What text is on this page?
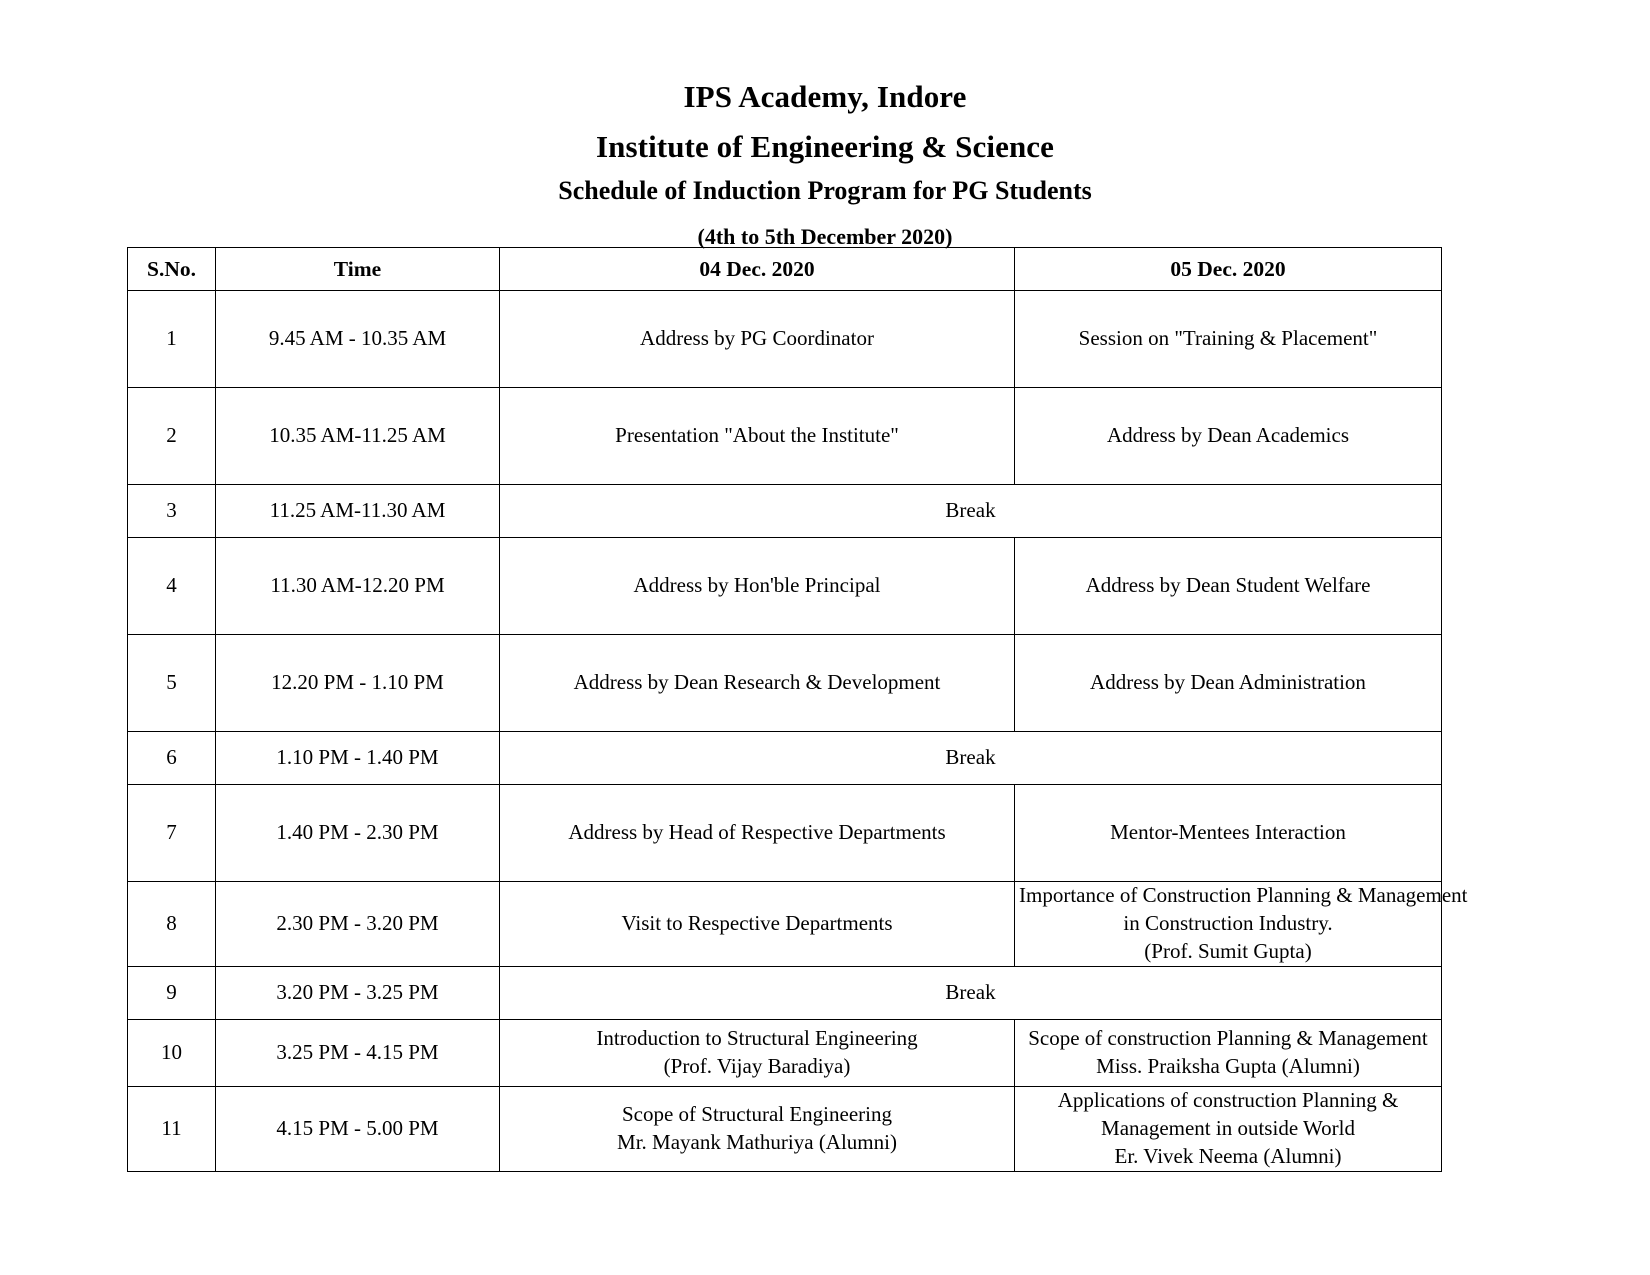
IPS Academy, Indore
Institute of Engineering & Science
Schedule of Induction Program for PG Students
(4th to 5th December 2020)
S.No.	Time	04 Dec. 2020	05 Dec. 2020
1	9.45 AM - 10.35 AM	Address by PG Coordinator	Session on "Training & Placement"

2	10.35 AM-11.25 AM	Presentation "About the Institute"	Address by Dean Academics

3	11.25 AM-11.30 AM	Break	
4	11.30 AM-12.20 PM	Address by Hon'ble Principal	Address by Dean Student Welfare

5	12.20 PM - 1.10 PM	Address by Dean Research & Development	Address by Dean Administration

6	1.10 PM - 1.40 PM	Break	
7	1.40 PM - 2.30 PM	Address by Head of Respective Departments	Mentor-Mentees Interaction

8	2.30 PM - 3.20 PM	Visit to Respective Departments	Importance of Construction Planning & Management
in Construction Industry.
(Prof. Sumit Gupta)

9	3.20 PM - 3.25 PM	Break	
10	3.25 PM - 4.15 PM	Introduction to Structural Engineering
(Prof. Vijay Baradiya)	Scope of construction Planning & Management
Miss. Praiksha Gupta (Alumni)

11	4.15 PM - 5.00 PM	Scope of Structural Engineering
Mr. Mayank Mathuriya (Alumni)	Applications of construction Planning &
Management in outside World
Er. Vivek Neema (Alumni)
